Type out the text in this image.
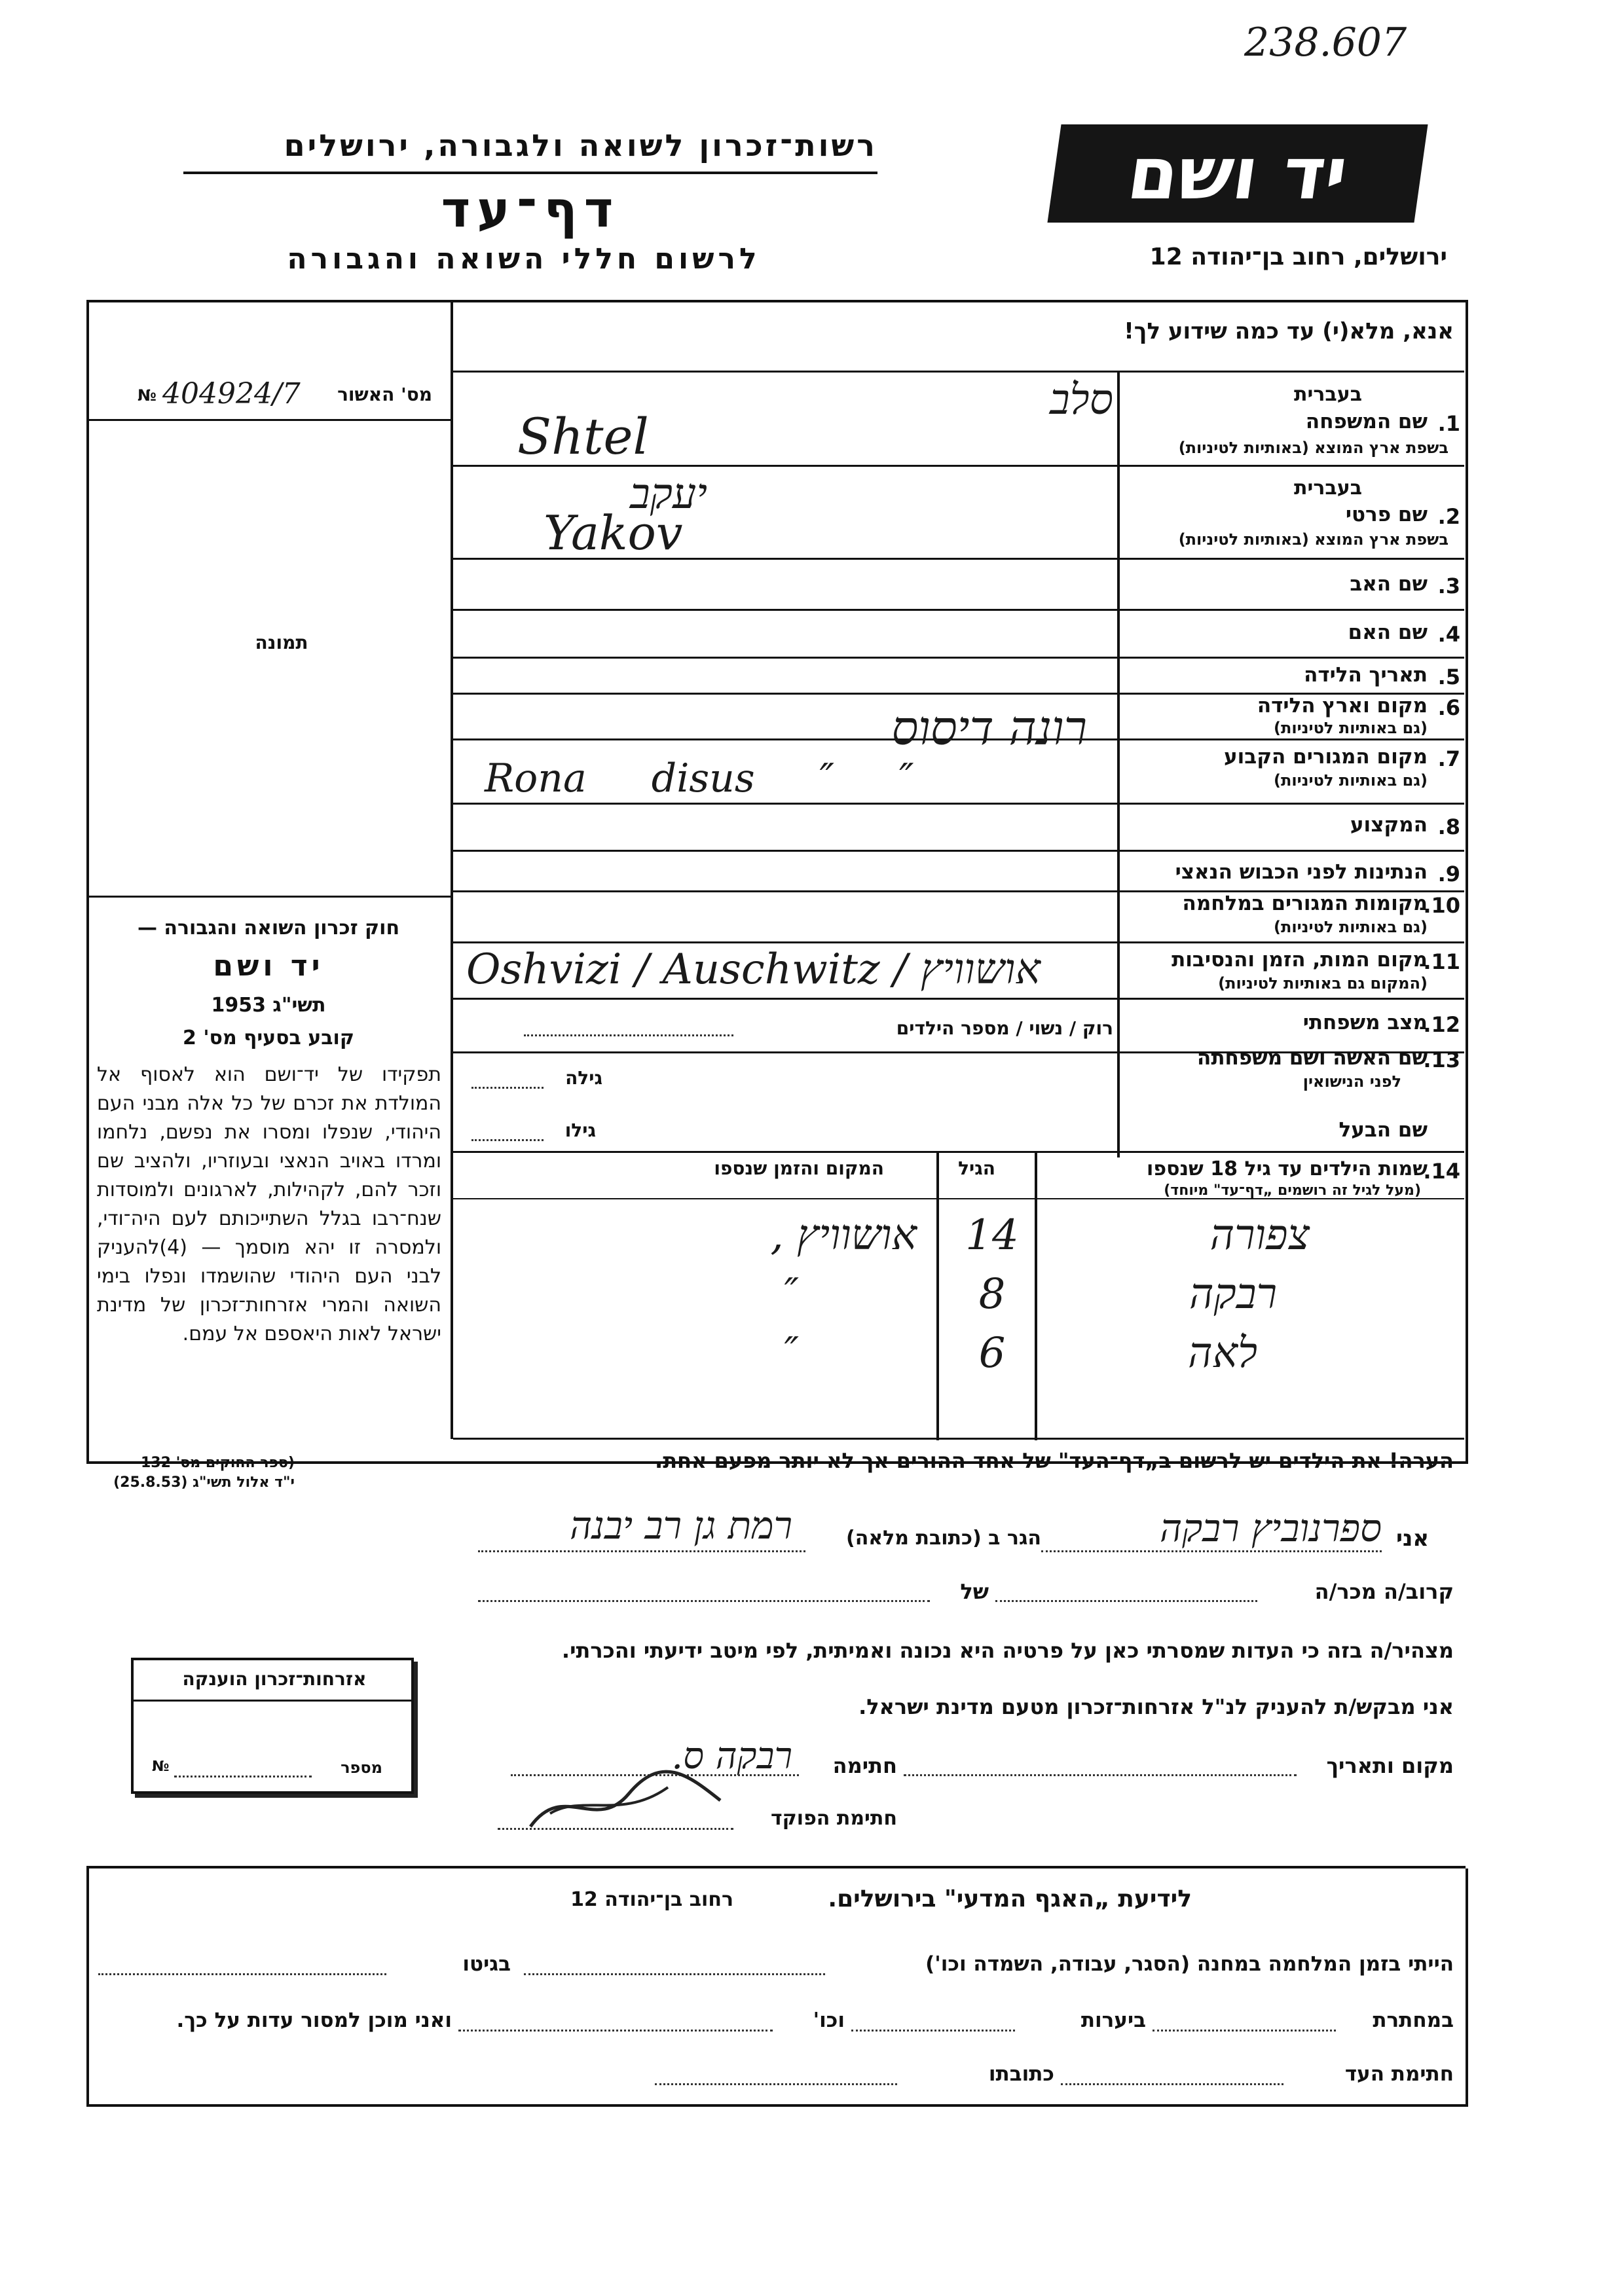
238.607
יד ושם
ירושלים, רחוב בן־יהודה 12
רשות־זכרון לשואה ולגבורה, ירושלים
דף־עד
לרשום חללי השואה והגבורה
אנא, מלא(י) עד כמה שידוע לך!
№ 404924/7 מס' האשור
תמונה
בעברית
.1
שם המשפחה
בשפת ארץ המוצא (באותיות לטיניות)
בעברית
.2
שם פרטי
בשפת ארץ המוצא (באותיות לטיניות)
.3
שם האב
.4
שם האם
.5
תאריך הלידה
.6
מקום וארץ הלידה
(גם באותיות לטיניות)
.7
מקום המגורים הקבוע
(גם באותיות לטיניות)
.8
המקצוע
.9
הנתינות לפני הכבוש הנאצי
.10
מקומות המגורים במלחמה
(גם באותיות לטיניות)
.11
מקום המות, הזמן והנסיבות
(המקום גם באותיות לטיניות)
.12
מצב משפחתי
.13
שם האשה ושם משפחתה
לפני הנישואין
שם הבעל
סלב
Shtel
יעקב
Yakov
רונה דיסוס
Rona disus ″ ″
Oshvizi / Auschwitz / אושוויץ
רוק / נשוי / מספר הילדים
גילה
גילו
.14
שמות הילדים עד גיל 18 שנספו
(מעל לגיל זה רושמים „דף־עד" מיוחד)
הגיל
המקום והזמן שנספו
צפורה
14
אושוויץ ,
רבקה
8
″
לאה
6
″
חוק זכרון השואה והגבורה —
יד ושם
תשי"ג 1953
קובע בסעיף מס' 2
תפקידו של יד־ושם הוא לאסוף אל המולדת את זכרם של כל אלה מבני העם היהודי, שנפלו ומסרו את נפשם, נלחמו ומרדו באויב הנאצי ובעוזריו, ולהציב שם וזכר להם, לקהילות, לארגונים ולמוסדות שנח־רבו בגלל השתייכותם לעם היה־ודי, ולמסרה זו יהא מוסמך — (4)להעניק לבני העם היהודי שהושמדו ונפלו בימי השואה והמרי אזרחות־זכרון של מדינת ישראל לאות היאספם אל עמם.
(ספר החוקים מס' 132
י"ד אלול תשי"ג (25.8.53)
הערה! את הילדים יש לרשום ב„דף־העד" של אחד ההורים אך לא יותר מפעם אחת.
אני
ספרנוביץ רבקה
הגר ב (כתובת מלאה)
רמת גן רב יבנה
קרוב/ה מכר/ה
של
מצהיר/ה בזה כי העדות שמסרתי כאן על פרטיה היא נכונה ואמיתית, לפי מיטב ידיעתי והכרתי.
אני מבקש/ת להעניק לנ"ל אזרחות־זכרון מטעם מדינת ישראל.
מקום ותאריך
חתימה
רבקה ס.
חתימת הפוקד
אזרחות־זכרון הוענקה
№	מספר
לידיעת „האגף המדעי" בירושלים.
רחוב בן־יהודה 12
הייתי בזמן המלחמה במחנה (הסגר, עבודה, השמדה וכו')
בגיטו
במחתרת
ביערות
וכו'
ואני מוכן למסור עדות על כך.
חתימת העד
כתובתו
